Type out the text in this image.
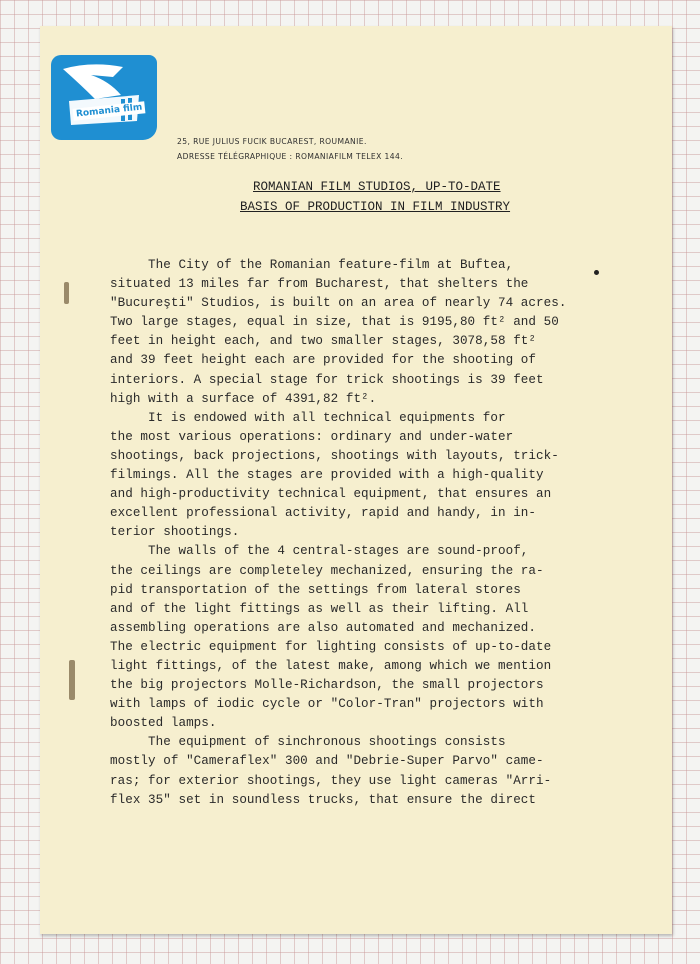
Romania film
25, RUE JULIUS FUCIK BUCAREST, ROUMANIE.
ADRESSE TÉLÉGRAPHIQUE : ROMANIAFILM TELEX 144.
ROMANIAN FILM STUDIOS, UP-TO-DATE
BASIS OF PRODUCTION IN FILM INDUSTRY
The City of the Romanian feature-film at Buftea,
situated 13 miles far from Bucharest, that shelters the
"Bucureşti" Studios, is built on an area of nearly 74 acres.
Two large stages, equal in size, that is 9195,80 ft² and 50
feet in height each, and two smaller stages, 3078,58 ft²
and 39 feet height each are provided for the shooting of
interiors. A special stage for trick shootings is 39 feet
high with a surface of 4391,82 ft².
It is endowed with all technical equipments for
the most various operations: ordinary and under-water
shootings, back projections, shootings with layouts, trick-
filmings. All the stages are provided with a high-quality
and high-productivity technical equipment, that ensures an
excellent professional activity, rapid and handy, in in-
terior shootings.
The walls of the 4 central-stages are sound-proof,
the ceilings are completeley mechanized, ensuring the ra-
pid transportation of the settings from lateral stores
and of the light fittings as well as their lifting. All
assembling operations are also automated and mechanized.
The electric equipment for lighting consists of up-to-date
light fittings, of the latest make, among which we mention
the big projectors Molle-Richardson, the small projectors
with lamps of iodic cycle or "Color-Tran" projectors with
boosted lamps.
The equipment of sinchronous shootings consists
mostly of "Cameraflex" 300 and "Debrie-Super Parvo" came-
ras; for exterior shootings, they use light cameras "Arri-
flex 35" set in soundless trucks, that ensure the direct
